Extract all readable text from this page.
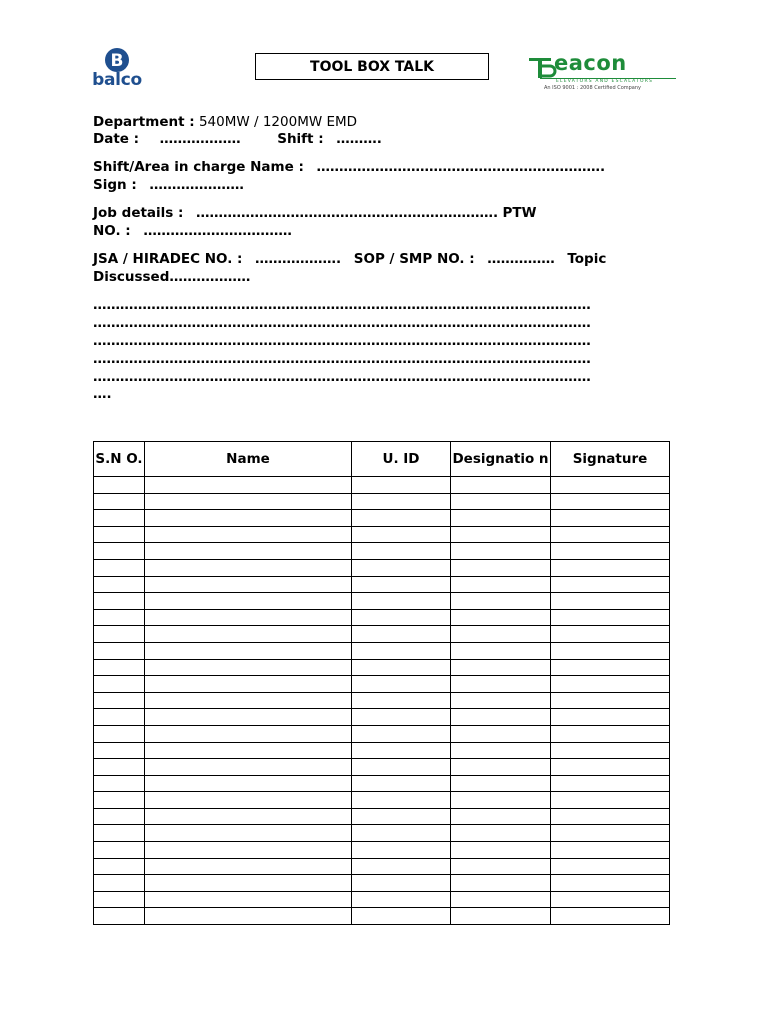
B
balco
TOOL BOX TALK	eacon
ELEVATORS AND ESCALATORS
An ISO 9001 : 2008 Certified Company
Department : 540MW / 1200MW EMD
Date : ………………	Shift : ……….
Shift/Area in charge Name : ……………………………………………………….
Sign : …………………
Job details : …………………………………………………………. PTW
NO. : ……………………………
JSA / HIRADEC NO. : ………………. SOP / SMP NO. : …………… Topic
Discussed………………
…………………………………………………………………………………………………
…………………………………………………………………………………………………
…………………………………………………………………………………………………
…………………………………………………………………………………………………
…………………………………………………………………………………………………
….
S.N O.	Name	U. ID	Designatio n	Signature
